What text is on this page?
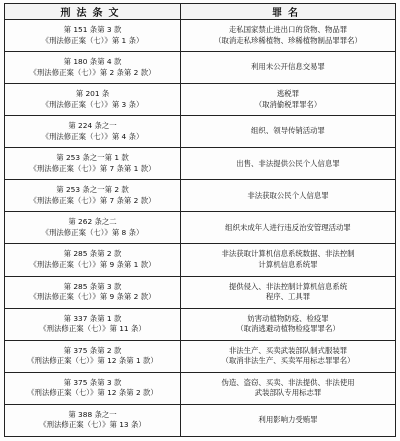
刑法条文	罪名

第 151 条第 3 款
《刑法修正案（七）》第 1 条）	走私国家禁止进出口的货物、物品罪
（取消走私珍稀植物、珍稀植物制品罪罪名）

第 180 条第 4 款
《刑法修正案（七）》第 2 条第 2 款）	利用未公开信息交易罪

第 201 条
《刑法修正案（七）》第 3 条）	逃税罪
（取消偷税罪罪名）

第 224 条之一
《刑法修正案（七）》第 4 条）	组织、领导传销活动罪

第 253 条之一第 1 款
《刑法修正案（七）》第 7 条第 1 款）	出售、非法提供公民个人信息罪

第 253 条之一第 2 款
《刑法修正案（七）》第 7 条第 2 款）	非法获取公民个人信息罪

第 262 条之二
《刑法修正案（七）》第 8 条）	组织未成年人进行违反治安管理活动罪

第 285 条第 2 款
《刑法修正案（七）》第 9 条第 1 款）	非法获取计算机信息系统数据、非法控制
计算机信息系统罪

第 285 条第 3 款
《刑法修正案（七）》第 9 条第 2 款）	提供侵入、非法控制计算机信息系统
程序、工具罪

第 337 条第 1 款
《刑法修正案（七）》第 11 条）	妨害动植物防疫、检疫罪
（取消逃避动植物检疫罪罪名）

第 375 条第 2 款
《刑法修正案（七）》第 12 条第 1 款）	非法生产、买卖武装部队制式服装罪
（取消非法生产、买卖军用标志罪罪名）

第 375 条第 3 款
《刑法修正案（七）》第 12 条第 2 款）	伪造、盗窃、买卖、非法提供、非法使用
武装部队专用标志罪

第 388 条之一
《刑法修正案（七）》第 13 条）	利用影响力受贿罪
